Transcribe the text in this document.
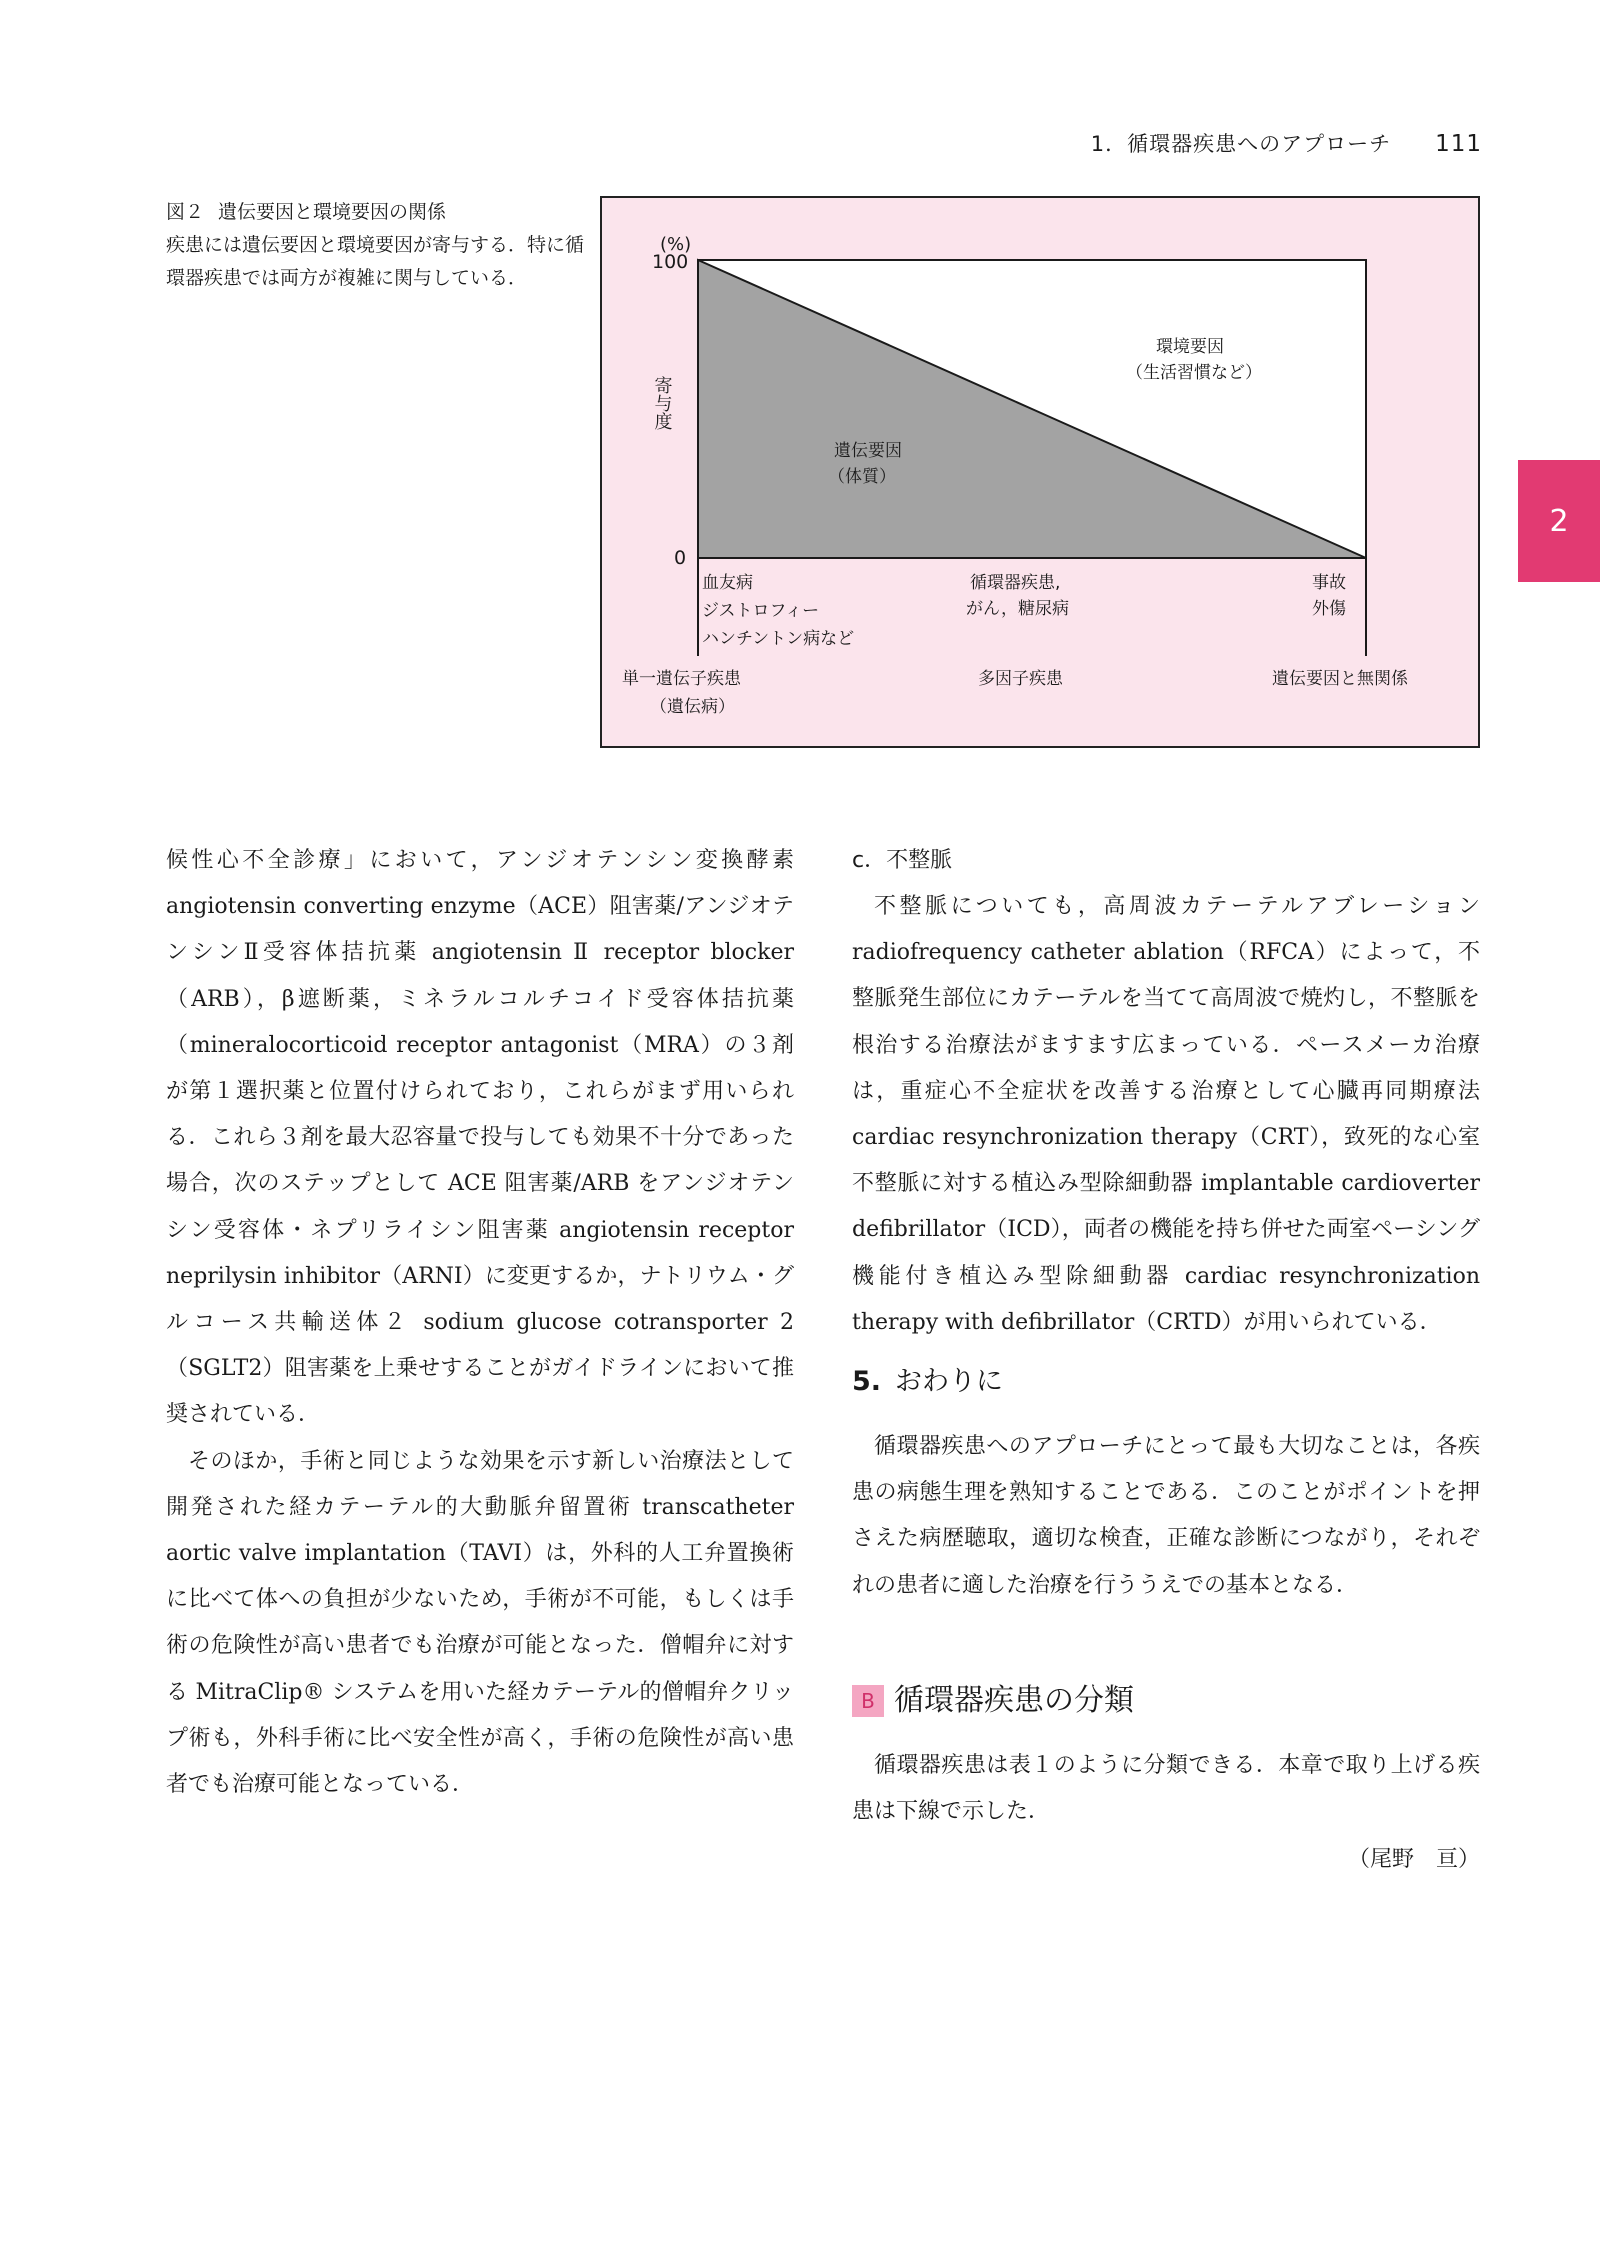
1．循環器疾患へのアプローチ 111
2
図２ 遺伝要因と環境要因の関係
疾患には遺伝要因と環境要因が寄与する．特に循環器疾患では両方が複雑に関与している．
(%)
100
0
寄与度
遺伝要因
（体質）
環境要因
（生活習慣など）
血友病
ジストロフィー
ハンチントン病など
循環器疾患,
がん，糖尿病
事故
外傷
単一遺伝子疾患
（遺伝病）
多因子疾患	遺伝要因と無関係

候性心不全診療」において，アンジオテンシン変換酵素 angiotensin converting enzyme（ACE）阻害薬/アンジオテンシンⅡ受容体拮抗薬 angiotensin Ⅱ receptor blocker（ARB），β遮断薬，ミネラルコルチコイド受容体拮抗薬（mineralocorticoid receptor antagonist（MRA）の３剤が第１選択薬と位置付けられており，これらがまず用いられる．これら３剤を最大忍容量で投与しても効果不十分であった場合，次のステップとして ACE 阻害薬/ARB をアンジオテンシン受容体・ネプリライシン阻害薬 angiotensin receptor neprilysin inhibitor（ARNI）に変更するか，ナトリウム・グルコース共輸送体２ sodium glucose cotransporter 2（SGLT2）阻害薬を上乗せすることがガイドラインにおいて推奨されている．

そのほか，手術と同じような効果を示す新しい治療法として開発された経カテーテル的大動脈弁留置術 transcatheter aortic valve implantation（TAVI）は，外科的人工弁置換術に比べて体への負担が少ないため，手術が不可能，もしくは手術の危険性が高い患者でも治療が可能となった．僧帽弁に対する MitraClip® システムを用いた経カテーテル的僧帽弁クリップ術も，外科手術に比べ安全性が高く，手術の危険性が高い患者でも治療可能となっている．

c．不整脈

不整脈についても，高周波カテーテルアブレーション radiofrequency catheter ablation（RFCA）によって，不整脈発生部位にカテーテルを当てて高周波で焼灼し，不整脈を根治する治療法がますます広まっている．ペースメーカ治療は，重症心不全症状を改善する治療として心臓再同期療法 cardiac resynchronization therapy（CRT），致死的な心室不整脈に対する植込み型除細動器 implantable cardioverter defibrillator（ICD），両者の機能を持ち併せた両室ペーシング機能付き植込み型除細動器 cardiac resynchronization therapy with defibrillator（CRTD）が用いられている．

5. おわりに

循環器疾患へのアプローチにとって最も大切なことは，各疾患の病態生理を熟知することである．このことがポイントを押さえた病歴聴取，適切な検査，正確な診断につながり，それぞれの患者に適した治療を行ううえでの基本となる．

B 循環器疾患の分類

循環器疾患は表１のように分類できる．本章で取り上げる疾患は下線で示した．

（尾野　亘）
